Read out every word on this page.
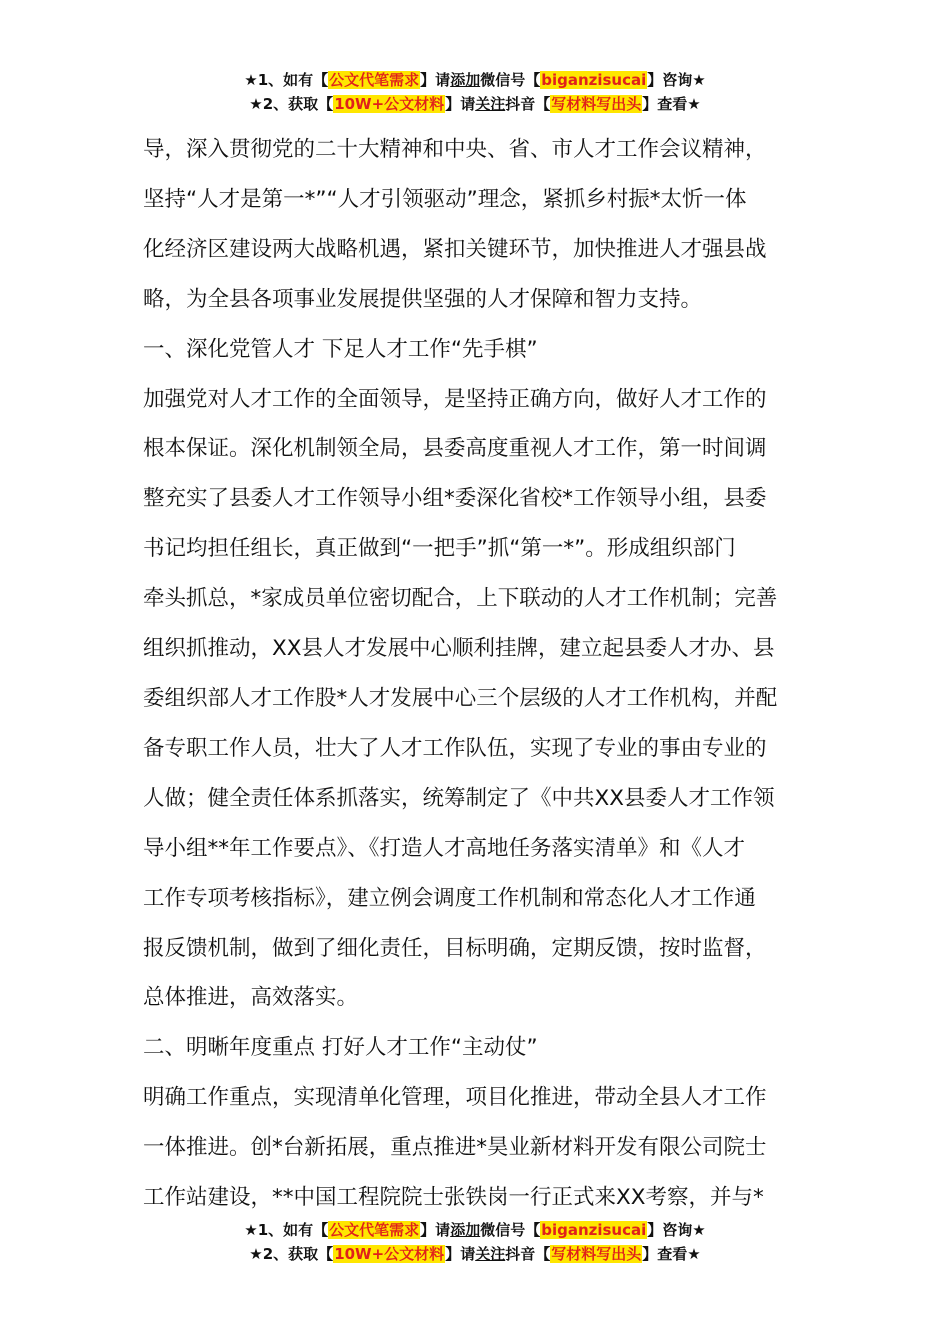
★1、如有【公文代笔需求】请添加微信号【biganzisucai】咨询★
★2、获取【10W+公文材料】请关注抖音【写材料写出头】查看★

导，深入贯彻党的二十大精神和中央、省、市人才工作会议精神，

坚持“人才是第一*”“人才引领驱动”理念，紧抓乡村振*太忻一体

化经济区建设两大战略机遇，紧扣关键环节，加快推进人才强县战

略，为全县各项事业发展提供坚强的人才保障和智力支持。

一、深化党管人才 下足人才工作“先手棋”

加强党对人才工作的全面领导，是坚持正确方向，做好人才工作的

根本保证。深化机制领全局，县委高度重视人才工作，第一时间调

整充实了县委人才工作领导小组*委深化省校*工作领导小组，县委

书记均担任组长，真正做到“一把手”抓“第一*”。形成组织部门

牵头抓总，*家成员单位密切配合，上下联动的人才工作机制；完善

组织抓推动，XX县人才发展中心顺利挂牌，建立起县委人才办、县

委组织部人才工作股*人才发展中心三个层级的人才工作机构，并配

备专职工作人员，壮大了人才工作队伍，实现了专业的事由专业的

人做；健全责任体系抓落实，统筹制定了《中共XX县委人才工作领

导小组**年工作要点》、《打造人才高地任务落实清单》和《人才

工作专项考核指标》，建立例会调度工作机制和常态化人才工作通

报反馈机制，做到了细化责任，目标明确，定期反馈，按时监督，

总体推进，高效落实。

二、明晰年度重点 打好人才工作“主动仗”

明确工作重点，实现清单化管理，项目化推进，带动全县人才工作

一体推进。创*台新拓展，重点推进*昊业新材料开发有限公司院士

工作站建设，**中国工程院院士张铁岗一行正式来XX考察，并与*

★1、如有【公文代笔需求】请添加微信号【biganzisucai】咨询★
★2、获取【10W+公文材料】请关注抖音【写材料写出头】查看★
